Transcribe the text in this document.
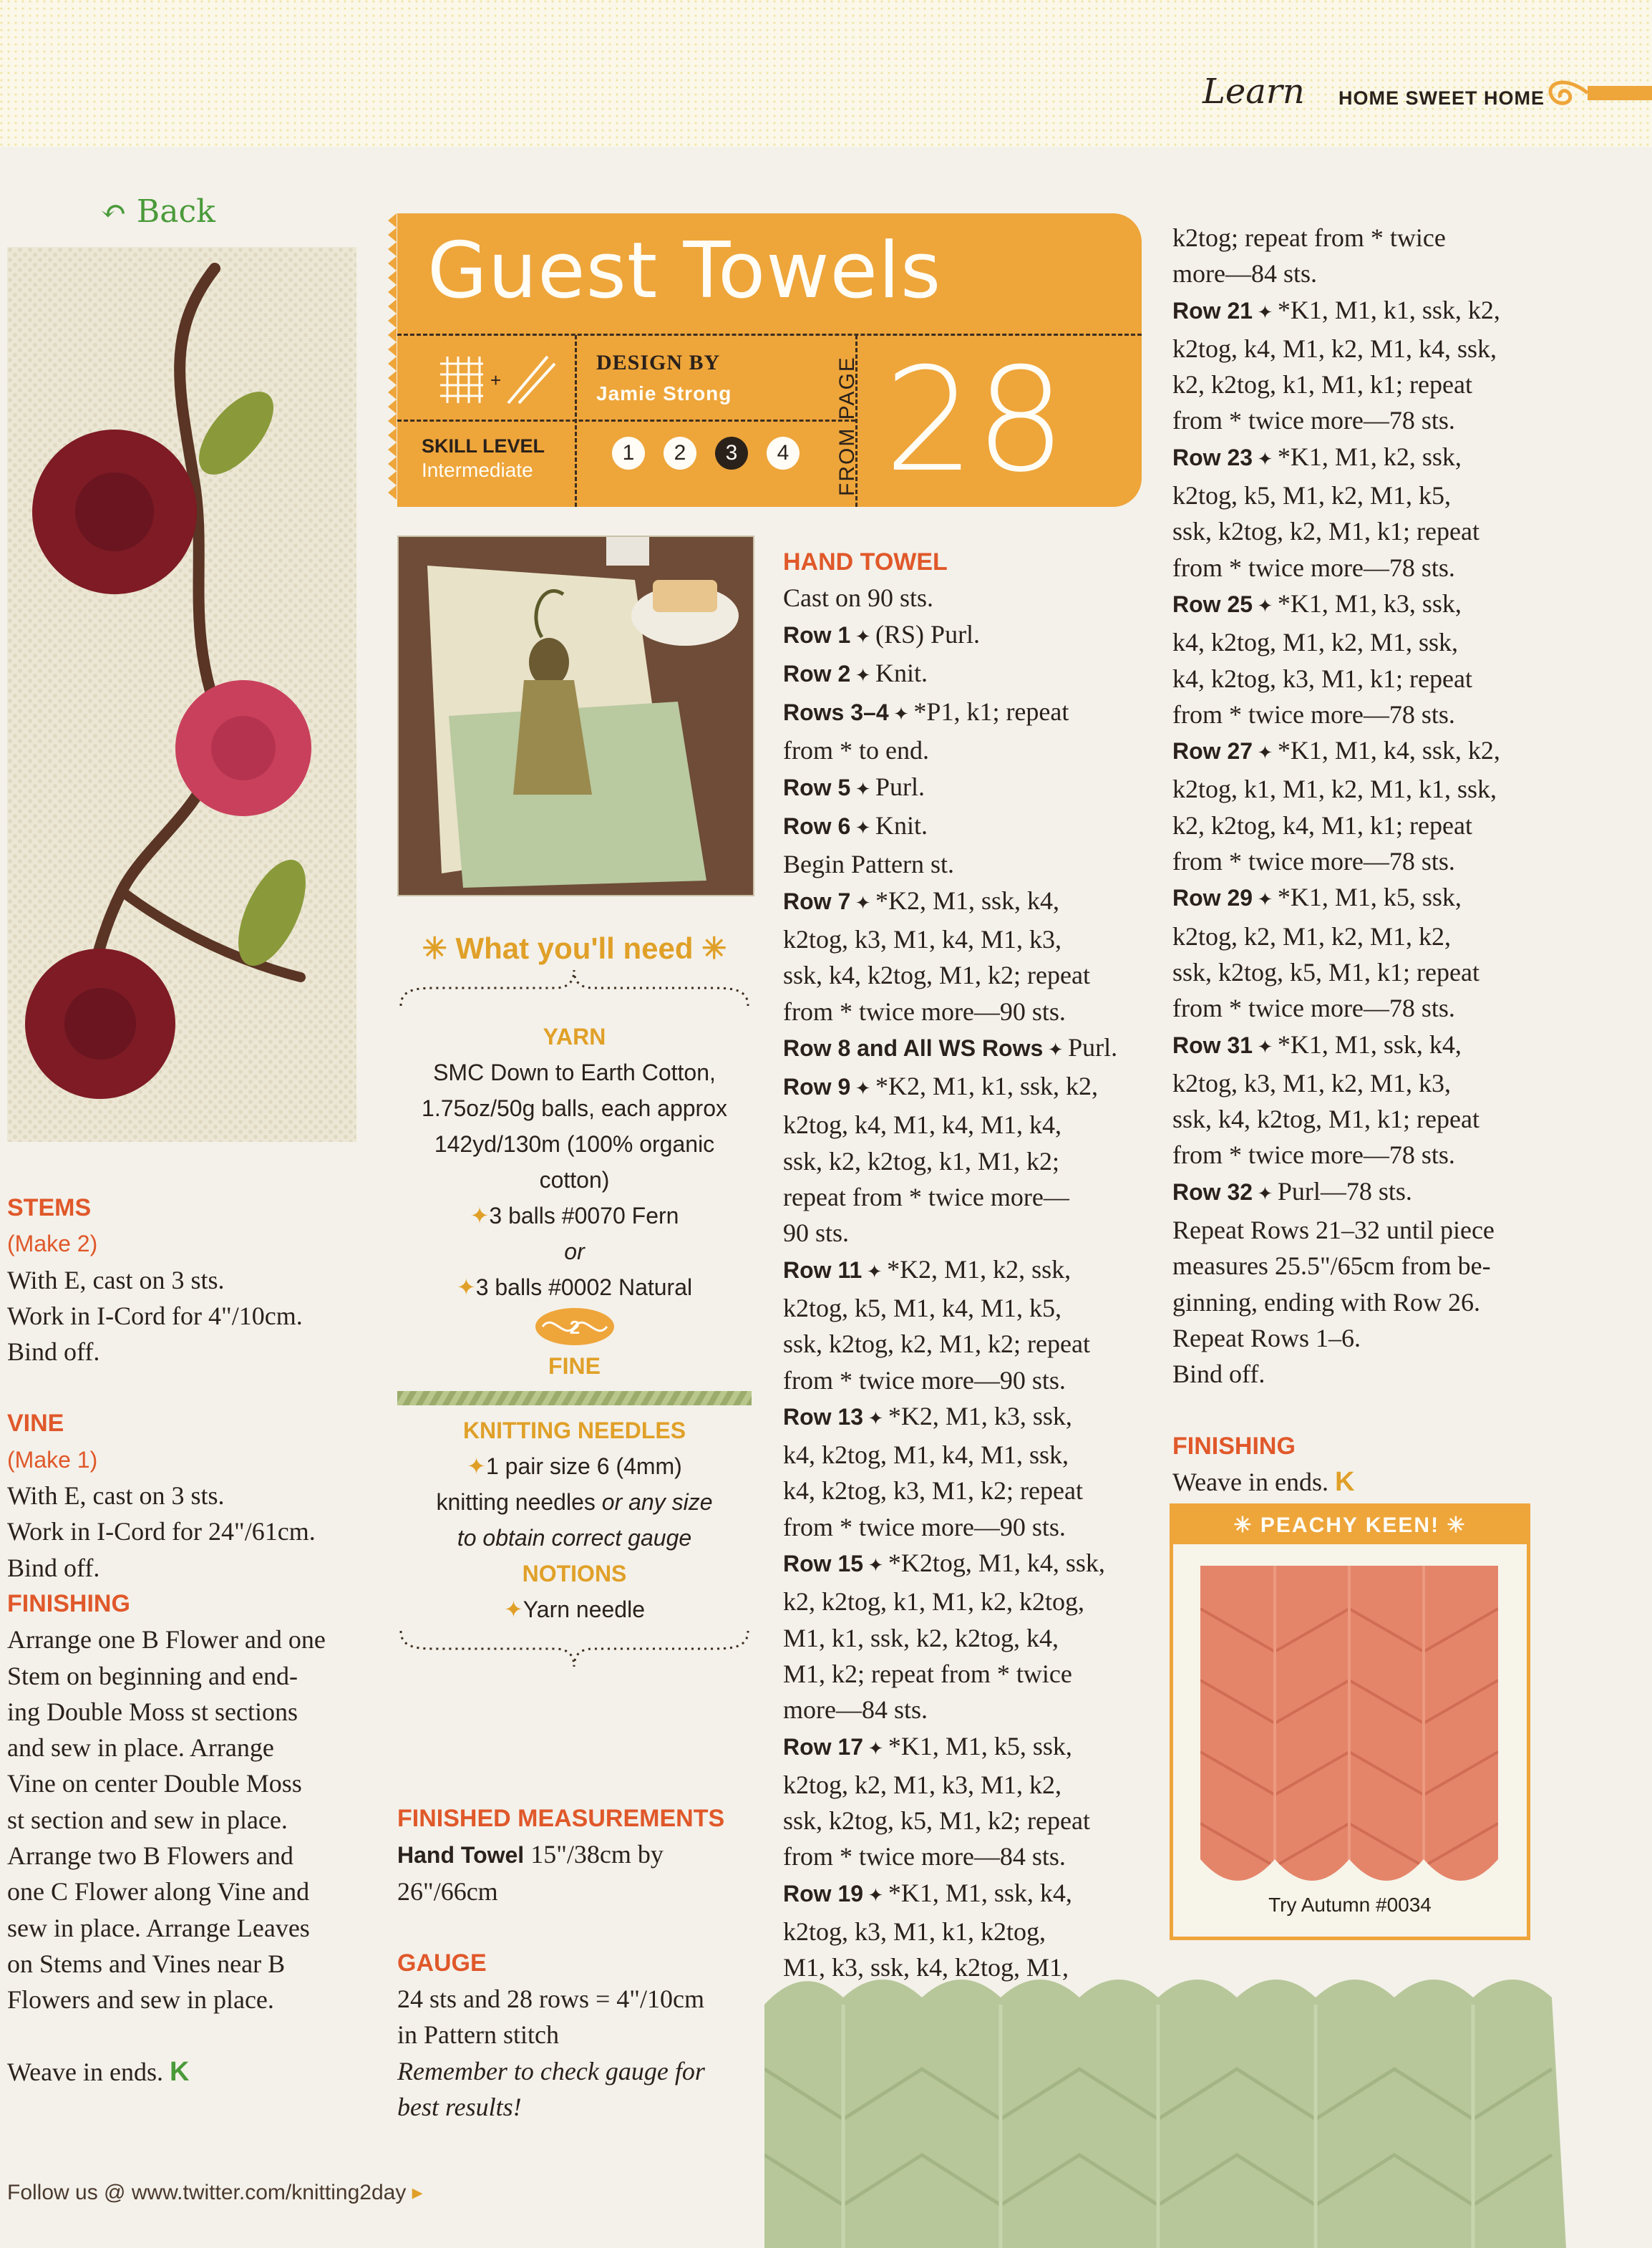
Learn HOME SWEET HOME
↶ Back

STEMS

(Make 2)

With E, cast on 3 sts.

Work in I-Cord for 4"/10cm.

Bind off.

VINE

(Make 1)

With E, cast on 3 sts.

Work in I-Cord for 24"/61cm.

Bind off.

FINISHING

Arrange one B Flower and one

Stem on beginning and end-

ing Double Moss st sections

and sew in place. Arrange

Vine on center Double Moss

st section and sew in place.

Arrange two B Flowers and

one C Flower along Vine and

sew in place. Arrange Leaves

on Stems and Vines near B

Flowers and sew in place.

Weave in ends. K

Guest Towels
+
DESIGN BY
Jamie Strong
SKILL LEVEL
Intermediate
1	2	3	4	FROM PAGE 28
✳ What you'll need ✳
YARN
SMC Down to Earth Cotton,
1.75oz/50g balls, each approx
142yd/130m (100% organic
cotton)
✦3 balls #0070 Fern
or
✦3 balls #0002 Natural
2
FINE
KNITTING NEEDLES
✦1 pair size 6 (4mm)
knitting needles or any size
to obtain correct gauge
NOTIONS
✦Yarn needle

FINISHED MEASUREMENTS

Hand Towel 15"/38cm by

26"/66cm

GAUGE

24 sts and 28 rows = 4"/10cm

in Pattern stitch

Remember to check gauge for

best results!

HAND TOWEL

Cast on 90 sts.

Row 1 ✦ (RS) Purl.

Row 2 ✦ Knit.

Rows 3–4 ✦ *P1, k1; repeat

from * to end.

Row 5 ✦ Purl.

Row 6 ✦ Knit.

Begin Pattern st.

Row 7 ✦ *K2, M1, ssk, k4,

k2tog, k3, M1, k4, M1, k3,

ssk, k4, k2tog, M1, k2; repeat

from * twice more—90 sts.

Row 8 and All WS Rows ✦ Purl.

Row 9 ✦ *K2, M1, k1, ssk, k2,

k2tog, k4, M1, k4, M1, k4,

ssk, k2, k2tog, k1, M1, k2;

repeat from * twice more—

90 sts.

Row 11 ✦ *K2, M1, k2, ssk,

k2tog, k5, M1, k4, M1, k5,

ssk, k2tog, k2, M1, k2; repeat

from * twice more—90 sts.

Row 13 ✦ *K2, M1, k3, ssk,

k4, k2tog, M1, k4, M1, ssk,

k4, k2tog, k3, M1, k2; repeat

from * twice more—90 sts.

Row 15 ✦ *K2tog, M1, k4, ssk,

k2, k2tog, k1, M1, k2, k2tog,

M1, k1, ssk, k2, k2tog, k4,

M1, k2; repeat from * twice

more—84 sts.

Row 17 ✦ *K1, M1, k5, ssk,

k2tog, k2, M1, k3, M1, k2,

ssk, k2tog, k5, M1, k2; repeat

from * twice more—84 sts.

Row 19 ✦ *K1, M1, ssk, k4,

k2tog, k3, M1, k1, k2tog,

M1, k3, ssk, k4, k2tog, M1,

k2tog; repeat from * twice

more—84 sts.

Row 21 ✦ *K1, M1, k1, ssk, k2,

k2tog, k4, M1, k2, M1, k4, ssk,

k2, k2tog, k1, M1, k1; repeat

from * twice more—78 sts.

Row 23 ✦ *K1, M1, k2, ssk,

k2tog, k5, M1, k2, M1, k5,

ssk, k2tog, k2, M1, k1; repeat

from * twice more—78 sts.

Row 25 ✦ *K1, M1, k3, ssk,

k4, k2tog, M1, k2, M1, ssk,

k4, k2tog, k3, M1, k1; repeat

from * twice more—78 sts.

Row 27 ✦ *K1, M1, k4, ssk, k2,

k2tog, k1, M1, k2, M1, k1, ssk,

k2, k2tog, k4, M1, k1; repeat

from * twice more—78 sts.

Row 29 ✦ *K1, M1, k5, ssk,

k2tog, k2, M1, k2, M1, k2,

ssk, k2tog, k5, M1, k1; repeat

from * twice more—78 sts.

Row 31 ✦ *K1, M1, ssk, k4,

k2tog, k3, M1, k2, M1, k3,

ssk, k4, k2tog, M1, k1; repeat

from * twice more—78 sts.

Row 32 ✦ Purl—78 sts.

Repeat Rows 21–32 until piece

measures 25.5"/65cm from be-

ginning, ending with Row 26.

Repeat Rows 1–6.

Bind off.

FINISHING

Weave in ends. K

✳ PEACHY KEEN! ✳
Try Autumn #0034
Follow us @ www.twitter.com/knitting2day ▸
